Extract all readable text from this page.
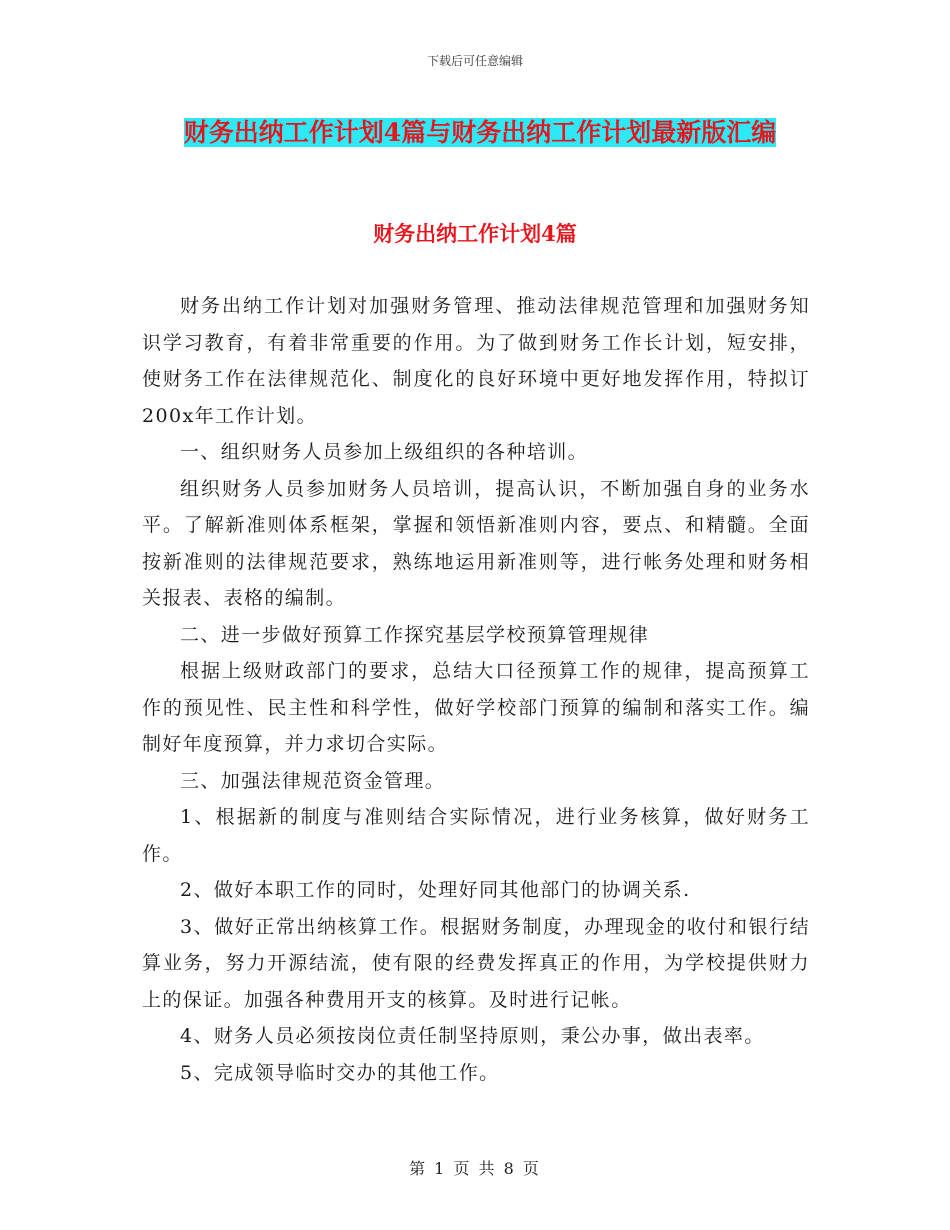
下载后可任意编辑
财务出纳工作计划4篇与财务出纳工作计划最新版汇编
财务出纳工作计划4篇

财务出纳工作计划对加强财务管理、推动法律规范管理和加强财务知识学习教育，有着非常重要的作用。为了做到财务工作长计划，短安排，使财务工作在法律规范化、制度化的良好环境中更好地发挥作用，特拟订200x年工作计划。

一、组织财务人员参加上级组织的各种培训。

组织财务人员参加财务人员培训，提高认识，不断加强自身的业务水平。了解新准则体系框架，掌握和领悟新准则内容，要点、和精髓。全面按新准则的法律规范要求，熟练地运用新准则等，进行帐务处理和财务相关报表、表格的编制。

二、进一步做好预算工作探究基层学校预算管理规律

根据上级财政部门的要求，总结大口径预算工作的规律，提高预算工作的预见性、民主性和科学性，做好学校部门预算的编制和落实工作。编制好年度预算，并力求切合实际。

三、加强法律规范资金管理。

1、根据新的制度与准则结合实际情况，进行业务核算，做好财务工作。

2、做好本职工作的同时，处理好同其他部门的协调关系.

3、做好正常出纳核算工作。根据财务制度，办理现金的收付和银行结算业务，努力开源结流，使有限的经费发挥真正的作用，为学校提供财力上的保证。加强各种费用开支的核算。及时进行记帐。

4、财务人员必须按岗位责任制坚持原则，秉公办事，做出表率。

5、完成领导临时交办的其他工作。

第 1 页 共 8 页
